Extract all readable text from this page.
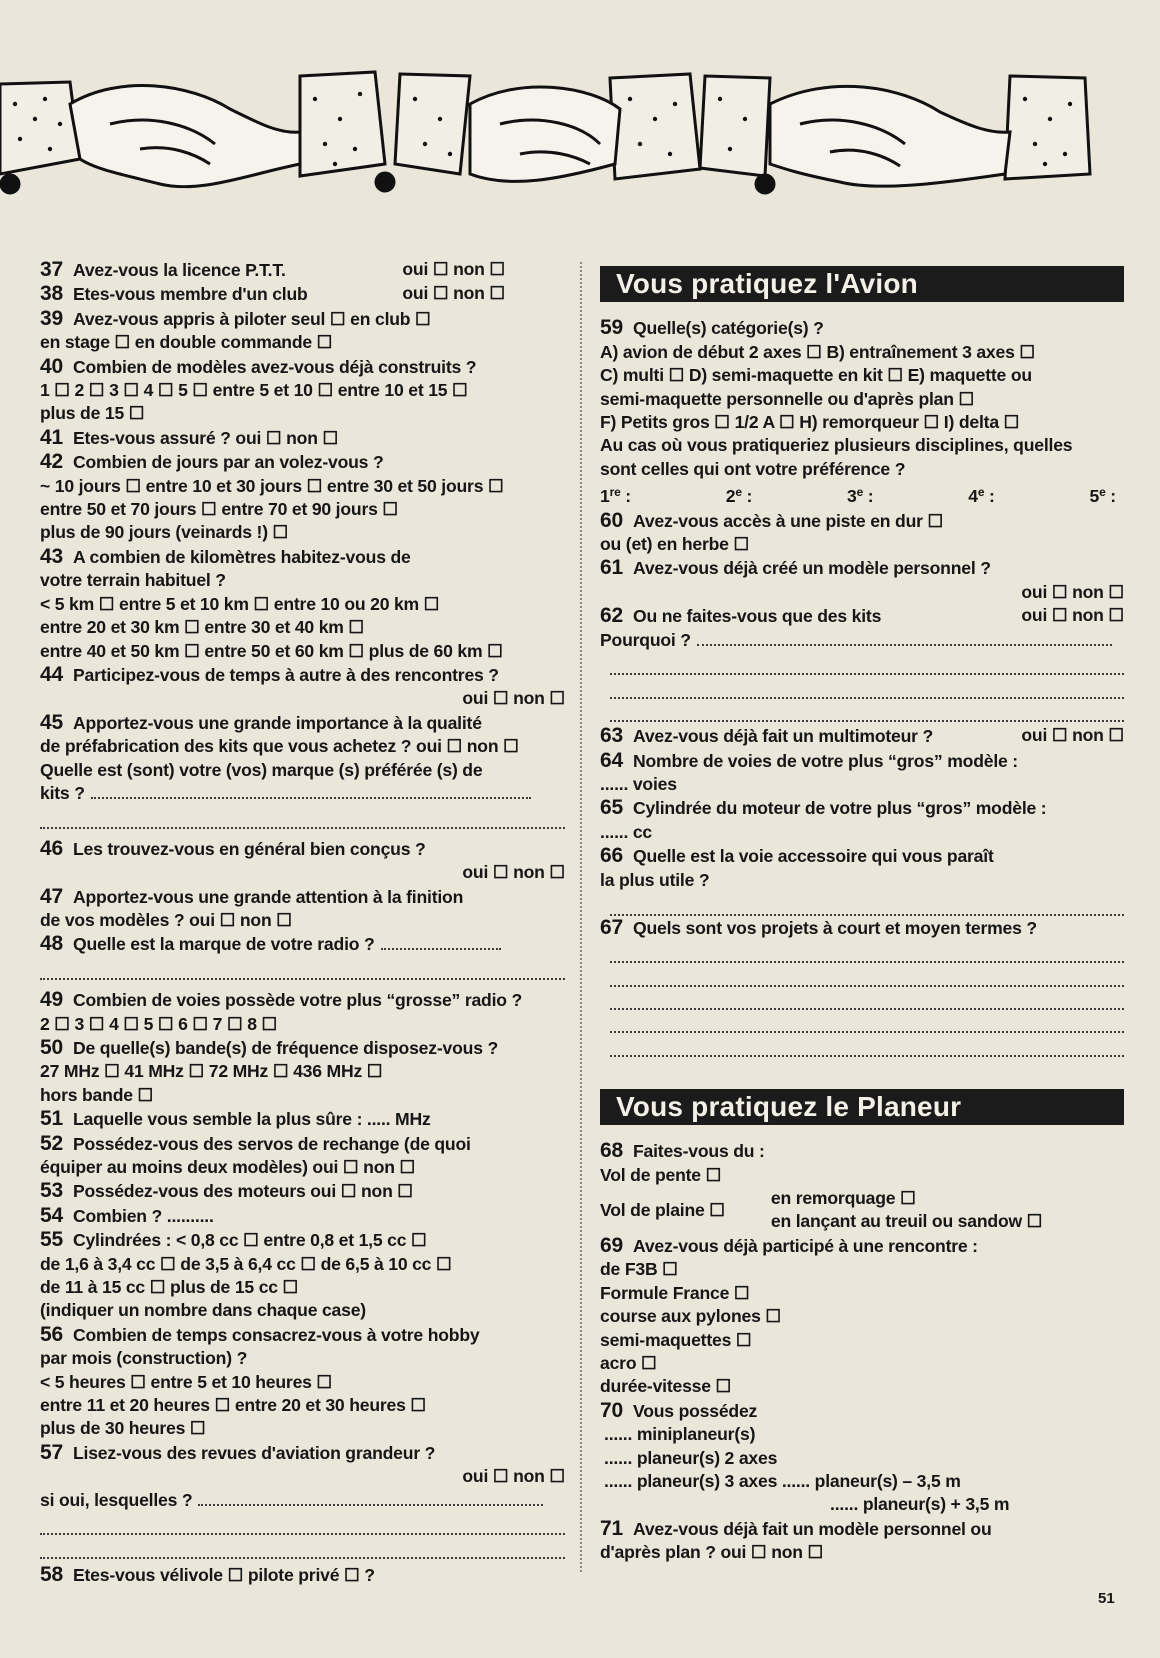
37 Avez-vous la licence P.T.T.	oui ☐ non ☐
38 Etes-vous membre d'un club	oui ☐ non ☐
39 Avez-vous appris à piloter seul ☐ en club ☐
en stage ☐ en double commande ☐
40 Combien de modèles avez-vous déjà construits ?
1 ☐ 2 ☐ 3 ☐ 4 ☐ 5 ☐ entre 5 et 10 ☐ entre 10 et 15 ☐
plus de 15 ☐
41 Etes-vous assuré ? oui ☐ non ☐
42 Combien de jours par an volez-vous ?
~ 10 jours ☐ entre 10 et 30 jours ☐ entre 30 et 50 jours ☐
entre 50 et 70 jours ☐ entre 70 et 90 jours ☐
plus de 90 jours (veinards !) ☐
43 A combien de kilomètres habitez-vous de
votre terrain habituel ?
< 5 km ☐ entre 5 et 10 km ☐ entre 10 ou 20 km ☐
entre 20 et 30 km ☐ entre 30 et 40 km ☐
entre 40 et 50 km ☐ entre 50 et 60 km ☐ plus de 60 km ☐
44 Participez-vous de temps à autre à des rencontres ?
oui ☐ non ☐
45 Apportez-vous une grande importance à la qualité
de préfabrication des kits que vous achetez ? oui ☐ non ☐
Quelle est (sont) votre (vos) marque (s) préférée (s) de
kits ?
46 Les trouvez-vous en général bien conçus ?
oui ☐ non ☐
47 Apportez-vous une grande attention à la finition
de vos modèles ? oui ☐ non ☐
48 Quelle est la marque de votre radio ?
49 Combien de voies possède votre plus “grosse” radio ?
2 ☐ 3 ☐ 4 ☐ 5 ☐ 6 ☐ 7 ☐ 8 ☐
50 De quelle(s) bande(s) de fréquence disposez-vous ?
27 MHz ☐ 41 MHz ☐ 72 MHz ☐ 436 MHz ☐
hors bande ☐
51 Laquelle vous semble la plus sûre : ..... MHz
52 Possédez-vous des servos de rechange (de quoi
équiper au moins deux modèles) oui ☐ non ☐
53 Possédez-vous des moteurs oui ☐ non ☐
54 Combien ? ..........
55 Cylindrées : < 0,8 cc ☐ entre 0,8 et 1,5 cc ☐
de 1,6 à 3,4 cc ☐ de 3,5 à 6,4 cc ☐ de 6,5 à 10 cc ☐
de 11 à 15 cc ☐ plus de 15 cc ☐
(indiquer un nombre dans chaque case)
56 Combien de temps consacrez-vous à votre hobby
par mois (construction) ?
< 5 heures ☐ entre 5 et 10 heures ☐
entre 11 et 20 heures ☐ entre 20 et 30 heures ☐
plus de 30 heures ☐
57 Lisez-vous des revues d'aviation grandeur ?
oui ☐ non ☐
si oui, lesquelles ?
58 Etes-vous vélivole ☐ pilote privé ☐ ?
Vous pratiquez l'Avion
59 Quelle(s) catégorie(s) ?
A) avion de début 2 axes ☐ B) entraînement 3 axes ☐
C) multi ☐ D) semi-maquette en kit ☐ E) maquette ou
semi-maquette personnelle ou d'après plan ☐
F) Petits gros ☐ 1/2 A ☐ H) remorqueur ☐ I) delta ☐
Au cas où vous pratiqueriez plusieurs disciplines, quelles
sont celles qui ont votre préférence ?
1re :	2e :	3e :	4e :	5e :
60 Avez-vous accès à une piste en dur ☐
ou (et) en herbe ☐
61 Avez-vous déjà créé un modèle personnel ?
oui ☐ non ☐
62 Ou ne faites-vous que des kits	oui ☐ non ☐
Pourquoi ?
63 Avez-vous déjà fait un multimoteur ?	oui ☐ non ☐
64 Nombre de voies de votre plus “gros” modèle :
...... voies
65 Cylindrée du moteur de votre plus “gros” modèle :
...... cc
66 Quelle est la voie accessoire qui vous paraît
la plus utile ?
67 Quels sont vos projets à court et moyen termes ?
Vous pratiquez le Planeur
68 Faites-vous du :
Vol de pente ☐
Vol de plaine ☐
en remorquage ☐
en lançant au treuil ou sandow ☐
69 Avez-vous déjà participé à une rencontre :
de F3B ☐
Formule France ☐
course aux pylones ☐
semi-maquettes ☐
acro ☐
durée-vitesse ☐
70 Vous possédez
...... miniplaneur(s)
...... planeur(s) 2 axes
...... planeur(s) 3 axes ...... planeur(s) – 3,5 m
...... planeur(s) + 3,5 m
71 Avez-vous déjà fait un modèle personnel ou
d'après plan ? oui ☐ non ☐
51
